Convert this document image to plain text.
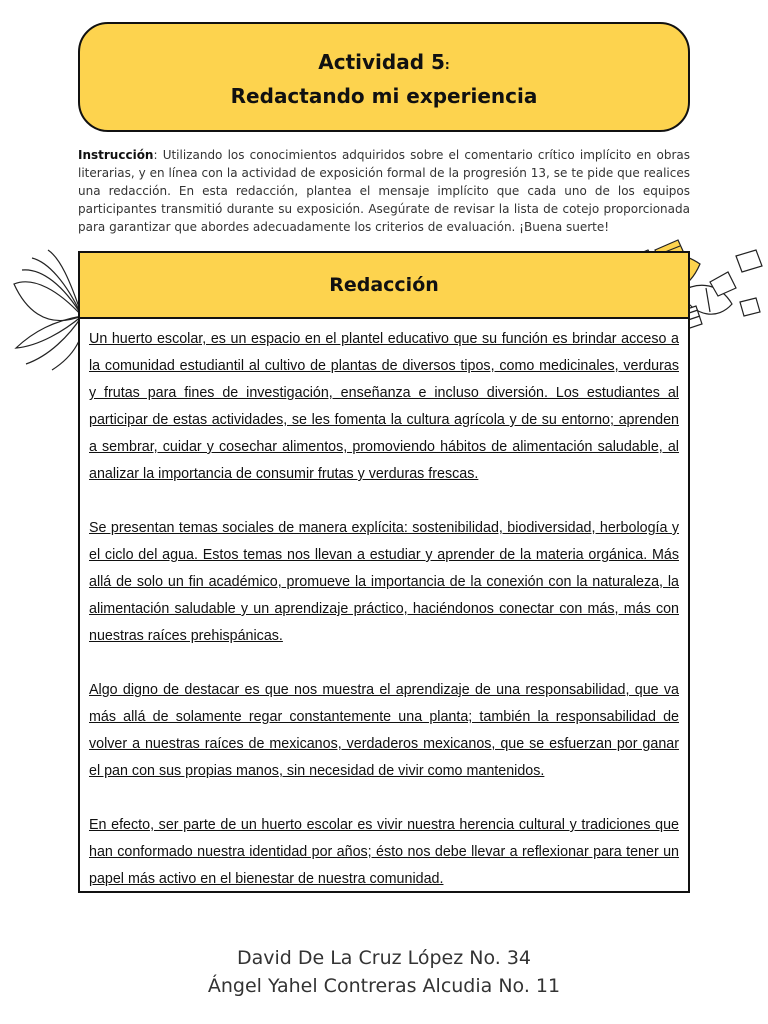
Actividad 5:
Redactando mi experiencia
Instrucción: Utilizando los conocimientos adquiridos sobre el comentario crítico implícito en obras literarias, y en línea con la actividad de exposición formal de la progresión 13, se te pide que realices una redacción. En esta redacción, plantea el mensaje implícito que cada uno de los equipos participantes transmitió durante su exposición. Asegúrate de revisar la lista de cotejo proporcionada para garantizar que abordes adecuadamente los criterios de evaluación. ¡Buena suerte!
Redacción

Un huerto escolar, es un espacio en el plantel educativo que su función es brindar acceso a la comunidad estudiantil al cultivo de plantas de diversos tipos, como medicinales, verduras y frutas para fines de investigación, enseñanza e incluso diversión. Los estudiantes al participar de estas actividades, se les fomenta la cultura agrícola y de su entorno; aprenden a sembrar, cuidar y cosechar alimentos, promoviendo hábitos de alimentación saludable, al analizar la importancia de consumir frutas y verduras frescas.

Se presentan temas sociales de manera explícita: sostenibilidad, biodiversidad, herbología y el ciclo del agua. Estos temas nos llevan a estudiar y aprender de la materia orgánica. Más allá de solo un fin académico, promueve la importancia de la conexión con la naturaleza, la alimentación saludable y un aprendizaje práctico, haciéndonos conectar con más, más con nuestras raíces prehispánicas.

Algo digno de destacar es que nos muestra el aprendizaje de una responsabilidad, que va más allá de solamente regar constantemente una planta; también la responsabilidad de volver a nuestras raíces de mexicanos, verdaderos mexicanos, que se esfuerzan por ganar el pan con sus propias manos, sin necesidad de vivir como mantenidos.

En efecto, ser parte de un huerto escolar es vivir nuestra herencia cultural y tradiciones que han conformado nuestra identidad por años; ésto nos debe llevar a reflexionar para tener un papel más activo en el bienestar de nuestra comunidad.

David De La Cruz López No. 34
Ángel Yahel Contreras Alcudia No. 11
